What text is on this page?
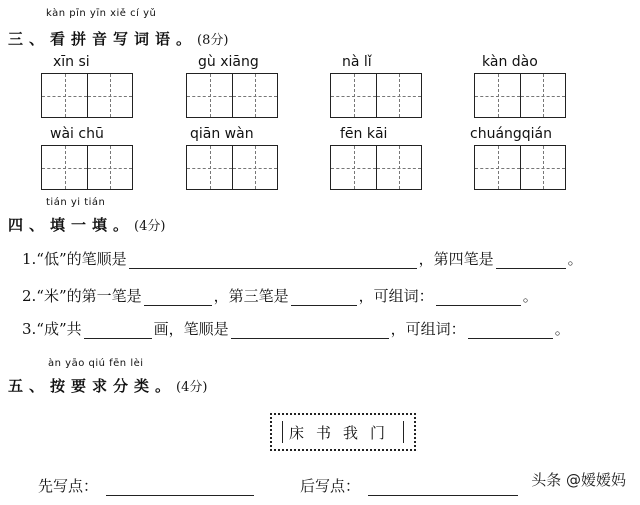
kàn pīn yīn xiě cí yǔ
三、看拼音写词语。(8分)
xīn si	gù xiāng	nà lǐ	kàn dào
wài chū	qiān wàn	fēn kāi	chuángqián
tián yi tián
四、填一填。(4分)
1.“低”的笔顺是	，第四笔是	。
2.“米”的第一笔是	，第三笔是	，可组词：	。
3.“成”共	画，笔顺是	，可组词：	。
àn yāo qiú fēn lèi
五、按要求分类。(4分)
床书我门
先写点：	后写点：	头条 @嫒嫒妈
